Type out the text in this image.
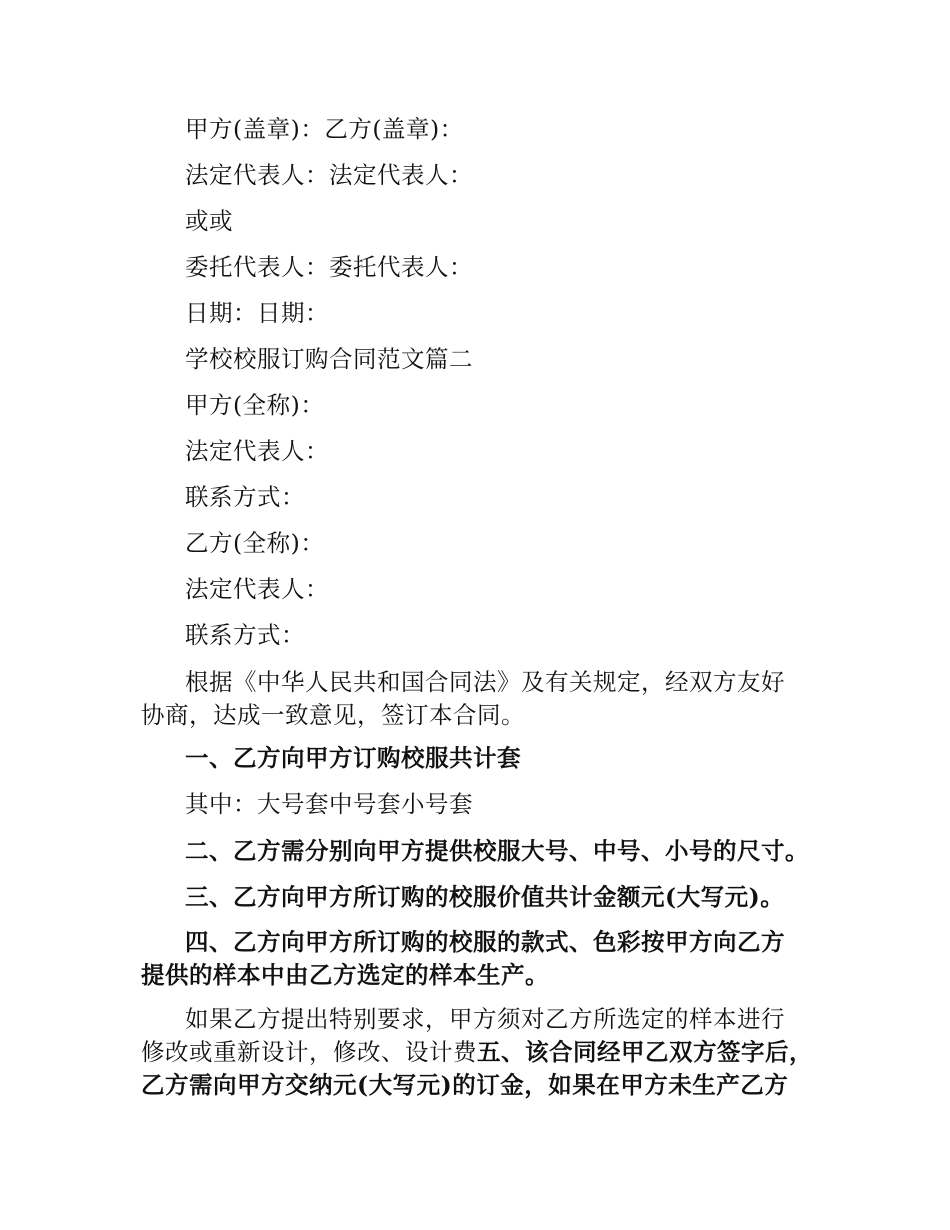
甲方(盖章)：乙方(盖章)：
法定代表人：法定代表人：
或或
委托代表人：委托代表人：
日期：日期：
学校校服订购合同范文篇二
甲方(全称)：
法定代表人：
联系方式：
乙方(全称)：
法定代表人：
联系方式：
根据《中华人民共和国合同法》及有关规定，经双方友好
协商，达成一致意见，签订本合同。
一、乙方向甲方订购校服共计套
其中：大号套中号套小号套
二、乙方需分别向甲方提供校服大号、中号、小号的尺寸。
三、乙方向甲方所订购的校服价值共计金额元(大写元)。
四、乙方向甲方所订购的校服的款式、色彩按甲方向乙方
提供的样本中由乙方选定的样本生产。
如果乙方提出特别要求，甲方须对乙方所选定的样本进行
修改或重新设计，修改、设计费五、该合同经甲乙双方签字后，
乙方需向甲方交纳元(大写元)的订金，如果在甲方未生产乙方
